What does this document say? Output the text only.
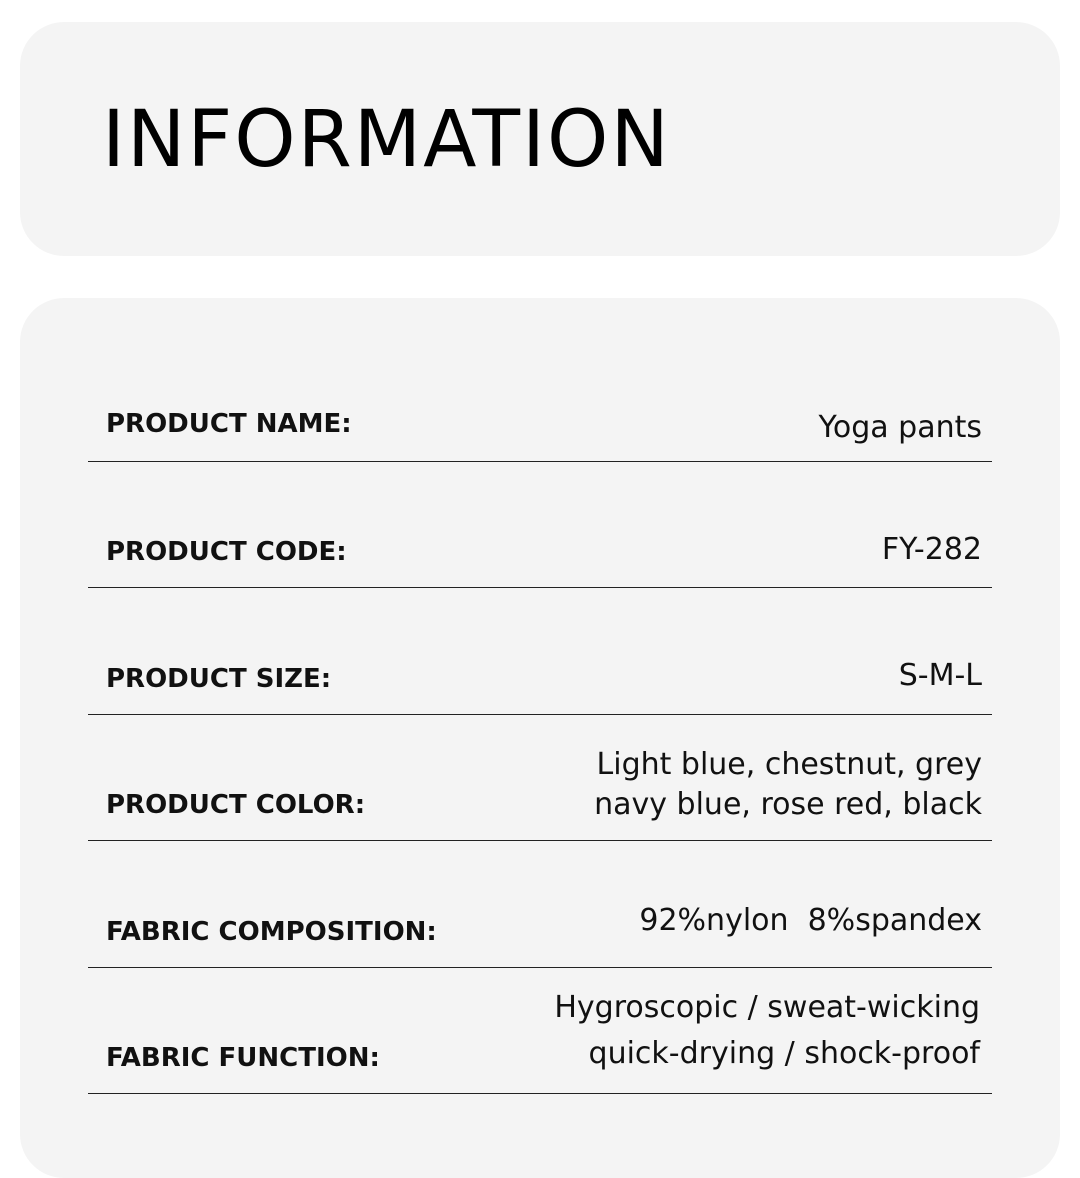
INFORMATION
PRODUCT NAME:	Yoga pants
PRODUCT CODE:	FY-282
PRODUCT SIZE:	S-M-L
PRODUCT COLOR:
Light blue, chestnut, grey
navy blue, rose red, black
FABRIC COMPOSITION:	92%nylon  8%spandex
FABRIC FUNCTION:
Hygroscopic / sweat-wicking
quick-drying / shock-proof
